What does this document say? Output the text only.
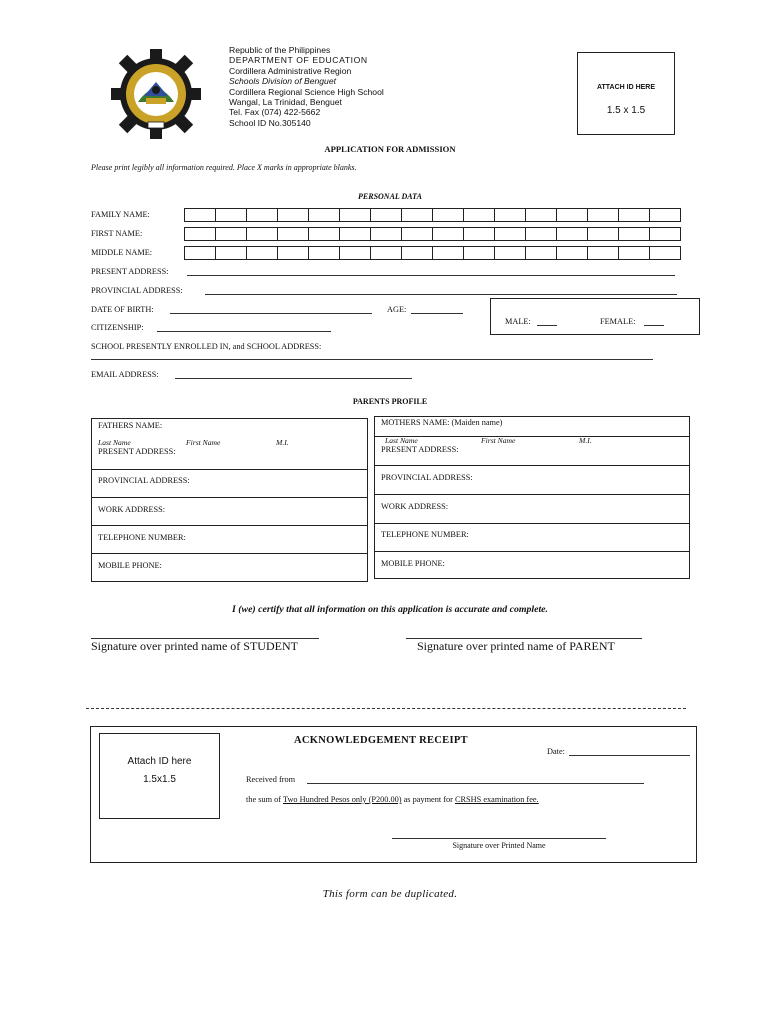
Republic of the Philippines
DEPARTMENT OF EDUCATION
Cordillera Administrative Region
Schools Division of Benguet
Cordillera Regional Science High School
Wangal, La Trinidad, Benguet
Tel. Fax (074) 422-5662
School ID No.305140
ATTACH ID HERE
1.5 x 1.5
APPLICATION FOR ADMISSION
Please print legibly all information required. Place X marks in appropriate blanks.
PERSONAL DATA
FAMILY NAME:
FIRST NAME:
MIDDLE NAME:
PRESENT ADDRESS:
PROVINCIAL ADDRESS:
DATE OF BIRTH:	AGE:
MALE:	FEMALE:
CITIZENSHIP:
SCHOOL PRESENTLY ENROLLED IN, and SCHOOL ADDRESS:
EMAIL ADDRESS:
PARENTS PROFILE
FATHERS NAME:
Last Name	First Name	M.I.
PRESENT ADDRESS:
PROVINCIAL ADDRESS:
WORK ADDRESS:
TELEPHONE NUMBER:
MOBILE PHONE:
MOTHERS NAME: (Maiden name)
Last Name	First Name	M.I.
PRESENT ADDRESS:
PROVINCIAL ADDRESS:
WORK ADDRESS:
TELEPHONE NUMBER:
MOBILE PHONE:
I (we) certify that all information on this application is accurate and complete.
Signature over printed name of STUDENT	Signature over printed name of PARENT
Attach ID here
1.5x1.5
ACKNOWLEDGEMENT RECEIPT
Date:
Received from
the sum of Two Hundred Pesos only (P200.00) as payment for CRSHS examination fee.
Signature over Printed Name
This form can be duplicated.
